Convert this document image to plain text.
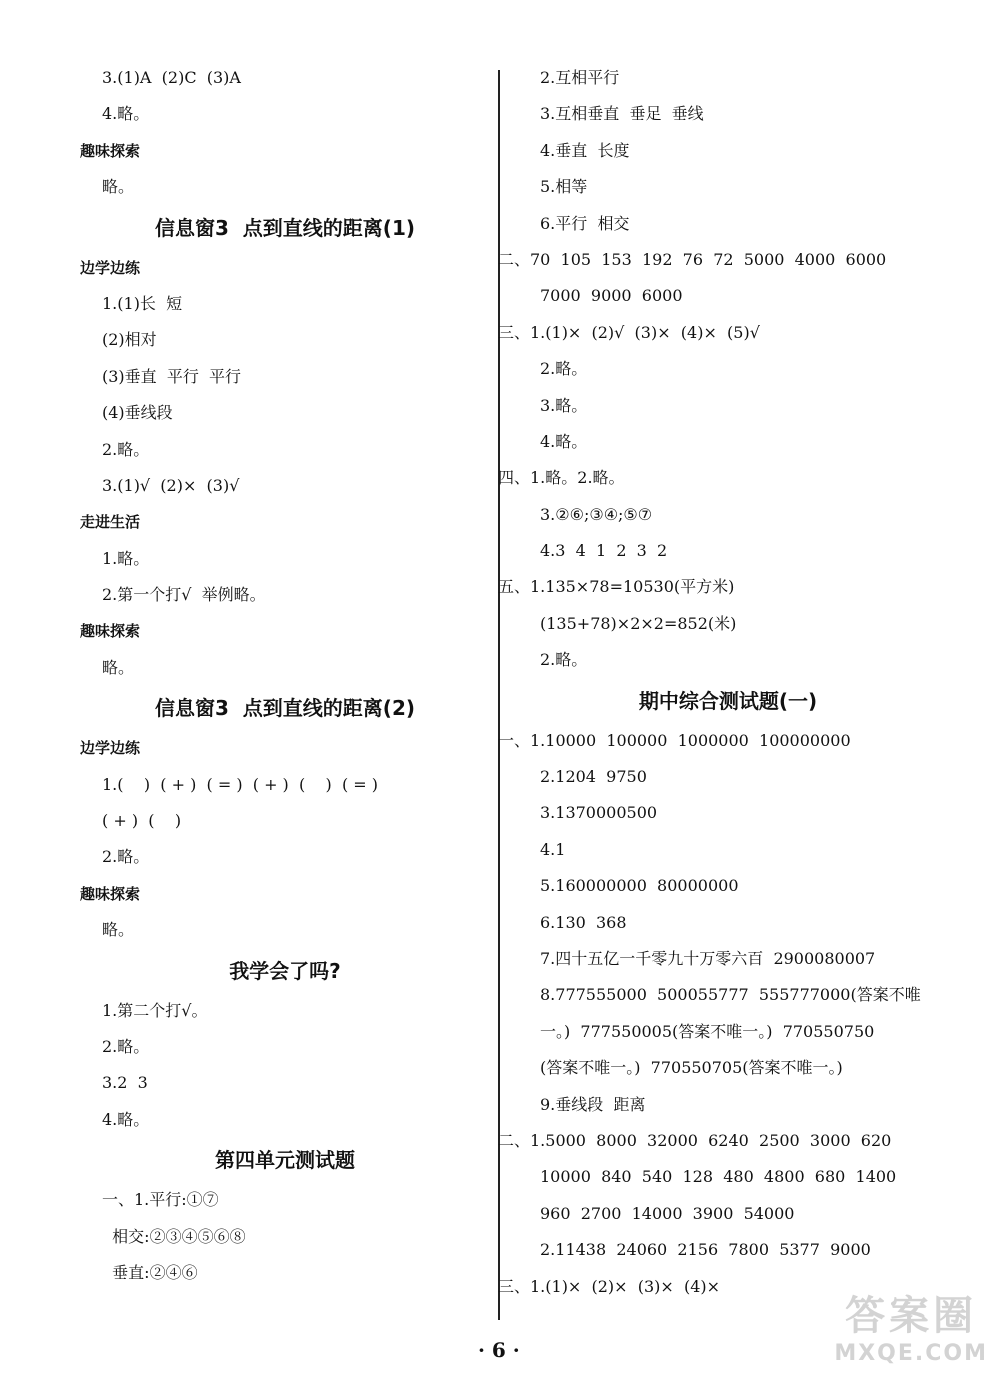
3.(1)A  (2)C  (3)A
4.略。
趣味探索
略。
信息窗3  点到直线的距离(1)
边学边练
1.(1)长  短
(2)相对
(3)垂直  平行  平行
(4)垂线段
2.略。
3.(1)√  (2)×  (3)√
走进生活
1.略。
2.第一个打√  举例略。
趣味探索
略。
信息窗3  点到直线的距离(2)
边学边练
1.(    )  ( + )  ( = )  ( + )  (    )  ( = )
( + )  (    )
2.略。
趣味探索
略。
我学会了吗?
1.第二个打√。
2.略。
3.2  3
4.略。
第四单元测试题
一、1.平行:①⑦
相交:②③④⑤⑥⑧
垂直:②④⑥
2.互相平行
3.互相垂直  垂足  垂线
4.垂直  长度
5.相等
6.平行  相交
二、70  105  153  192  76  72  5000  4000  6000
7000  9000  6000
三、1.(1)×  (2)√  (3)×  (4)×  (5)√
2.略。
3.略。
4.略。
四、1.略。2.略。
3.②⑥;③④;⑤⑦
4.3  4  1  2  3  2
五、1.135×78=10530(平方米)
(135+78)×2×2=852(米)
2.略。
期中综合测试题(一)
一、1.10000  100000  1000000  100000000
2.1204  9750
3.1370000500
4.1
5.160000000  80000000
6.130  368
7.四十五亿一千零九十万零六百  2900080007
8.777555000  500055777  555777000(答案不唯
一。)  777550005(答案不唯一。)  770550750
(答案不唯一。)  770550705(答案不唯一。)
9.垂线段  距离
二、1.5000  8000  32000  6240  2500  3000  620
10000  840  540  128  480  4800  680  1400
960  2700  14000  3900  54000
2.11438  24060  2156  7800  5377  9000
三、1.(1)×  (2)×  (3)×  (4)×
· 6 ·
答案圈
MXQE.COM
